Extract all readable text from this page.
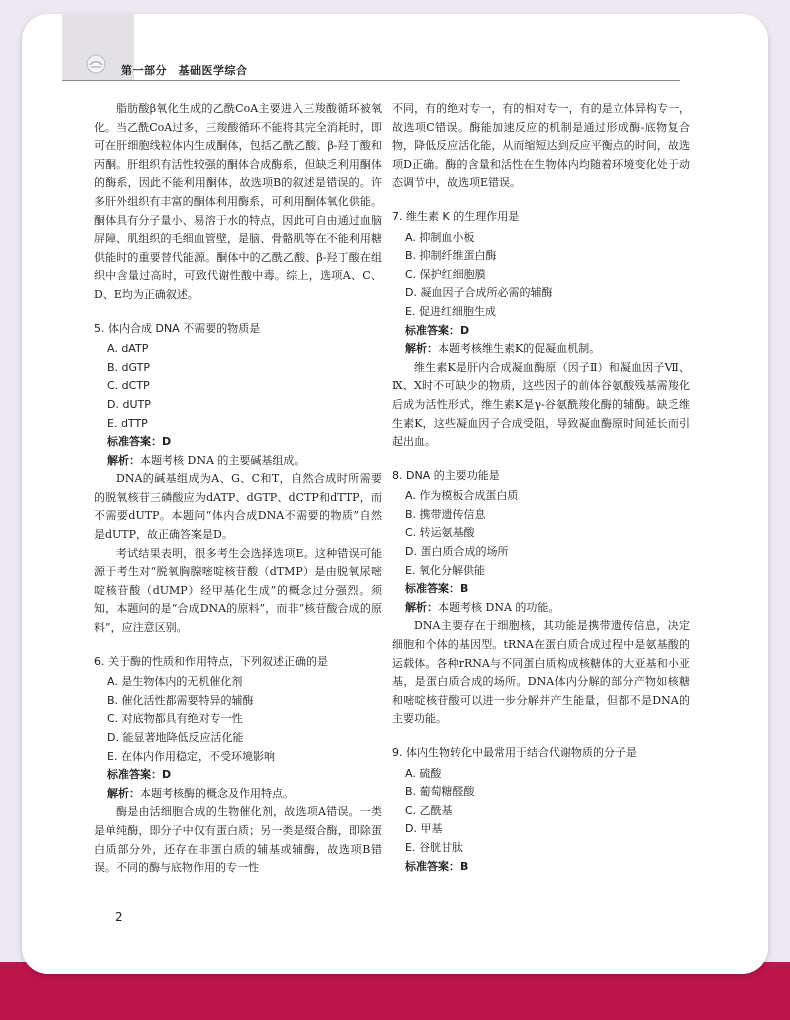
第一部分　基础医学综合

脂肪酸β氧化生成的乙酰CoA主要进入三羧酸循环被氧化。当乙酰CoA过多，三羧酸循环不能将其完全消耗时，即可在肝细胞线粒体内生成酮体，包括乙酰乙酸、β-羟丁酸和丙酮。肝组织有活性较强的酮体合成酶系，但缺乏利用酮体的酶系，因此不能利用酮体，故选项B的叙述是错误的。许多肝外组织有丰富的酮体利用酶系，可利用酮体氧化供能。酮体具有分子量小、易溶于水的特点，因此可自由通过血脑屏障、肌组织的毛细血管壁，是脑、骨骼肌等在不能利用糖供能时的重要替代能源。酮体中的乙酰乙酸、β-羟丁酸在组织中含量过高时，可致代谢性酸中毒。综上，选项A、C、D、E均为正确叙述。

5. 体内合成 DNA 不需要的物质是
A. dATP
B. dGTP
C. dCTP
D. dUTP
E. dTTP
标准答案：D
解析：本题考核 DNA 的主要碱基组成。

DNA的碱基组成为A、G、C和T，自然合成时所需要的脱氧核苷三磷酸应为dATP、dGTP、dCTP和dTTP，而不需要dUTP。本题问“体内合成DNA不需要的物质”自然是dUTP，故正确答案是D。

考试结果表明，很多考生会选择选项E。这种错误可能源于考生对“脱氧胸腺嘧啶核苷酸（dTMP）是由脱氧尿嘧啶核苷酸（dUMP）经甲基化生成”的概念过分强烈。须知，本题问的是“合成DNA的原料”，而非“核苷酸合成的原料”，应注意区别。

6. 关于酶的性质和作用特点，下列叙述正确的是
A. 是生物体内的无机催化剂
B. 催化活性都需要特异的辅酶
C. 对底物都具有绝对专一性
D. 能显著地降低反应活化能
E. 在体内作用稳定，不受环境影响
标准答案：D
解析：本题考核酶的概念及作用特点。

酶是由活细胞合成的生物催化剂，故选项A错误。一类是单纯酶，即分子中仅有蛋白质；另一类是缀合酶，即除蛋白质部分外，还存在非蛋白质的辅基或辅酶，故选项B错误。不同的酶与底物作用的专一性

不同，有的绝对专一，有的相对专一，有的是立体异构专一，故选项C错误。酶能加速反应的机制是通过形成酶-底物复合物，降低反应活化能，从而缩短达到反应平衡点的时间，故选项D正确。酶的含量和活性在生物体内均随着环境变化处于动态调节中，故选项E错误。

7. 维生素 K 的生理作用是
A. 抑制血小板
B. 抑制纤维蛋白酶
C. 保护红细胞膜
D. 凝血因子合成所必需的辅酶
E. 促进红细胞生成
标准答案：D
解析：本题考核维生素K的促凝血机制。

维生素K是肝内合成凝血酶原（因子Ⅱ）和凝血因子Ⅶ、Ⅸ、Ⅹ时不可缺少的物质，这些因子的前体谷氨酸残基需羧化后成为活性形式，维生素K是γ-谷氨酰羧化酶的辅酶。缺乏维生素K，这些凝血因子合成受阻，导致凝血酶原时间延长而引起出血。

8. DNA 的主要功能是
A. 作为模板合成蛋白质
B. 携带遗传信息
C. 转运氨基酸
D. 蛋白质合成的场所
E. 氧化分解供能
标准答案：B
解析：本题考核 DNA 的功能。

DNA主要存在于细胞核，其功能是携带遗传信息，决定细胞和个体的基因型。tRNA在蛋白质合成过程中是氨基酸的运载体。各种rRNA与不同蛋白质构成核糖体的大亚基和小亚基，是蛋白质合成的场所。DNA体内分解的部分产物如核糖和嘧啶核苷酸可以进一步分解并产生能量，但都不是DNA的主要功能。

9. 体内生物转化中最常用于结合代谢物质的分子是
A. 硫酸
B. 葡萄糖醛酸
C. 乙酰基
D. 甲基
E. 谷胱甘肽
标准答案：B
2
